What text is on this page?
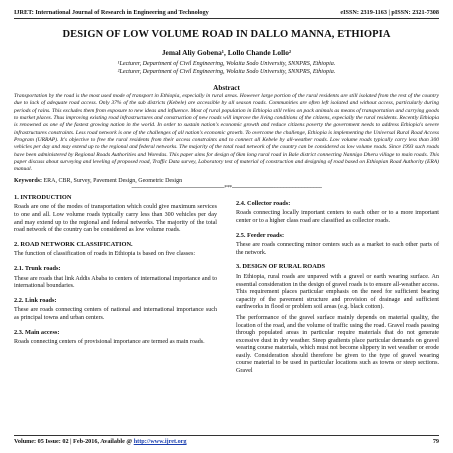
IJRET: International Journal of Research in Engineering and Technology	eISSN: 2319-1163 | pISSN: 2321-7308
DESIGN OF LOW VOLUME ROAD IN DALLO MANNA, ETHIOPIA
Jemal Aliy Gobena¹, Lollo Chande Lollo²
¹Lecturer, Department of Civil Engineering, Wolaita Sodo University, SNNPRS, Ethiopia.
²Lecturer, Department of Civil Engineering, Wolaita Sodo University, SNNPRS, Ethiopia.
Abstract
Transportation by the road is the most used mode of transport in Ethiopia, especially in rural areas. However large portion of the rural residents are still isolated from the rest of the country due to lack of adequate road access. Only 37% of the sub districts (Kebele) are accessible by all season roads. Communities are often left isolated and without access, particularly during periods of rains. This excludes them from exposure to new ideas and influence. Most of rural population in Ethiopia still relies on pack animals as means of transportation and carrying goods to market places. Thus improving existing road infrastructures and construction of new roads will improve the living conditions of the citizens, especially the rural residents. Recently Ethiopia is renowned as one of the fastest growing nation in the world. In order to sustain nation's economic growth and reduce citizens poverty the government needs to address Ethiopia's severe infrastructures constraints. Less road network is one of the challenges of all nation's economic growth. To overcome the challenge, Ethiopia is implementing the Universal Rural Road Access Program (URRAP). It's objective to free the rural residents from their access constraints and to connect all Kebele by all-weather roads. Low volume roads typically carry less than 300 vehicles per day and may extend up to the regional and federal networks. The majority of the total road network of the country can be considered as low volume roads. Since 1993 such roads have been administered by Regional Roads Authorities and Woredas. This paper aims for design of 6km long rural road in Bale district connecting Nannigo Dheru village to main roads. This paper discuss about surveying and leveling of proposed road, Traffic Data survey, Laboratory test of material of construction and designing of road based on Ethiopian Road Authority (ERA) manual.
Keywords: ERA, CBR, Survey, Pavement Design, Geometric Design
--------------------------------------------------------------***------------------------------------------------------------
1. INTRODUCTION

Roads are one of the modes of transportation which could give maximum services to one and all. Low volume roads typically carry less than 300 vehicles per day and may extend up to the regional and federal networks. The majority of the total road network of the country can be considered as low volume roads.

2. ROAD NETWORK CLASSIFICATION.

The function of classification of roads in Ethiopia is based on five classes:

2.1. Trunk roads:

These are roads that link Addis Ababa to centers of international importance and to international boundaries.

2.2. Link roads:

These are roads connecting centers of national and international importance such as principal towns and urban centers.

2.3. Main access:

Roads connecting centers of provisional importance are termed as main roads.

2.4. Collector roads:

Roads connecting locally important centers to each other or to a more important center or to a higher class road are classified as collector roads.

2.5. Feeder roads:

These are roads connecting minor centers such as a market to each other parts of the network.

3. DESIGN OF RURAL ROADS

In Ethiopia, rural roads are unpaved with a gravel or earth wearing surface. An essential consideration in the design of gravel roads is to ensure all-weather access. This requirement places particular emphasis on the need for sufficient bearing capacity of the pavement structure and provision of drainage and sufficient earthworks in flood or problem soil areas (e.g. black cotton).

The performance of the gravel surface mainly depends on material quality, the location of the road, and the volume of traffic using the road. Gravel roads passing through populated areas in particular require materials that do not generate excessive dust in dry weather. Steep gradients place particular demands on gravel wearing course materials, which must not become slippery in wet weather or erode easily. Consideration should therefore be given to the type of gravel wearing course material to be used in particular locations such as towns or steep sections. Gravel

Volume: 05 Issue: 02 | Feb-2016, Available @ http://www.ijret.org	79
